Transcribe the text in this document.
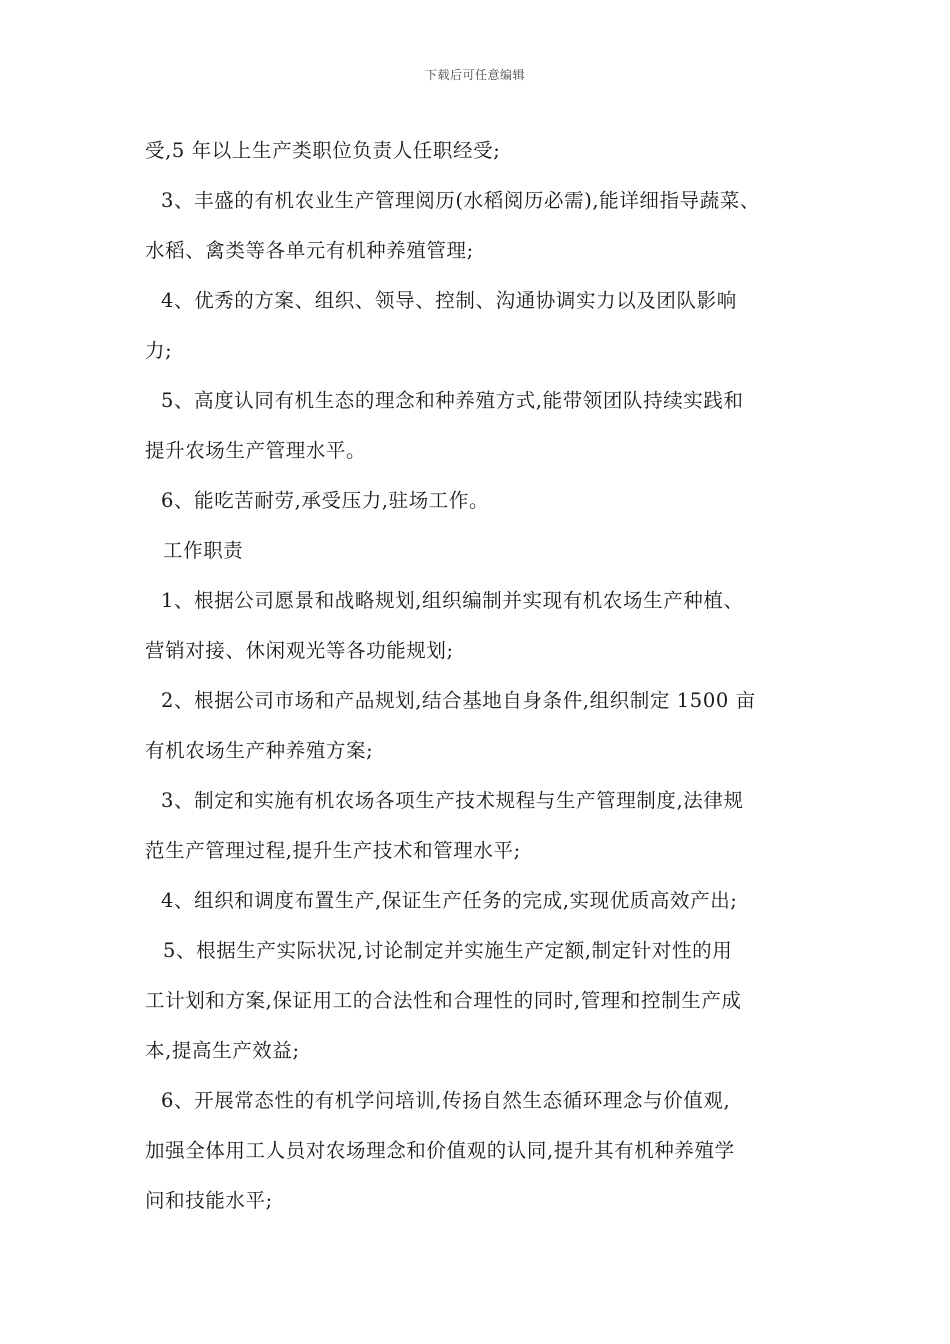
下载后可任意编辑
受,5 年以上生产类职位负责人任职经受;
3、丰盛的有机农业生产管理阅历(水稻阅历必需),能详细指导蔬菜、
水稻、禽类等各单元有机种养殖管理;
4、优秀的方案、组织、领导、控制、沟通协调实力以及团队影响
力;
5、高度认同有机生态的理念和种养殖方式,能带领团队持续实践和
提升农场生产管理水平。
6、能吃苦耐劳,承受压力,驻场工作。
工作职责
1、根据公司愿景和战略规划,组织编制并实现有机农场生产种植、
营销对接、休闲观光等各功能规划;
2、根据公司市场和产品规划,结合基地自身条件,组织制定 1500 亩
有机农场生产种养殖方案;
3、制定和实施有机农场各项生产技术规程与生产管理制度,法律规
范生产管理过程,提升生产技术和管理水平;
4、组织和调度布置生产,保证生产任务的完成,实现优质高效产出;
5、根据生产实际状况,讨论制定并实施生产定额,制定针对性的用
工计划和方案,保证用工的合法性和合理性的同时,管理和控制生产成
本,提高生产效益;
6、开展常态性的有机学问培训,传扬自然生态循环理念与价值观,
加强全体用工人员对农场理念和价值观的认同,提升其有机种养殖学
问和技能水平;
